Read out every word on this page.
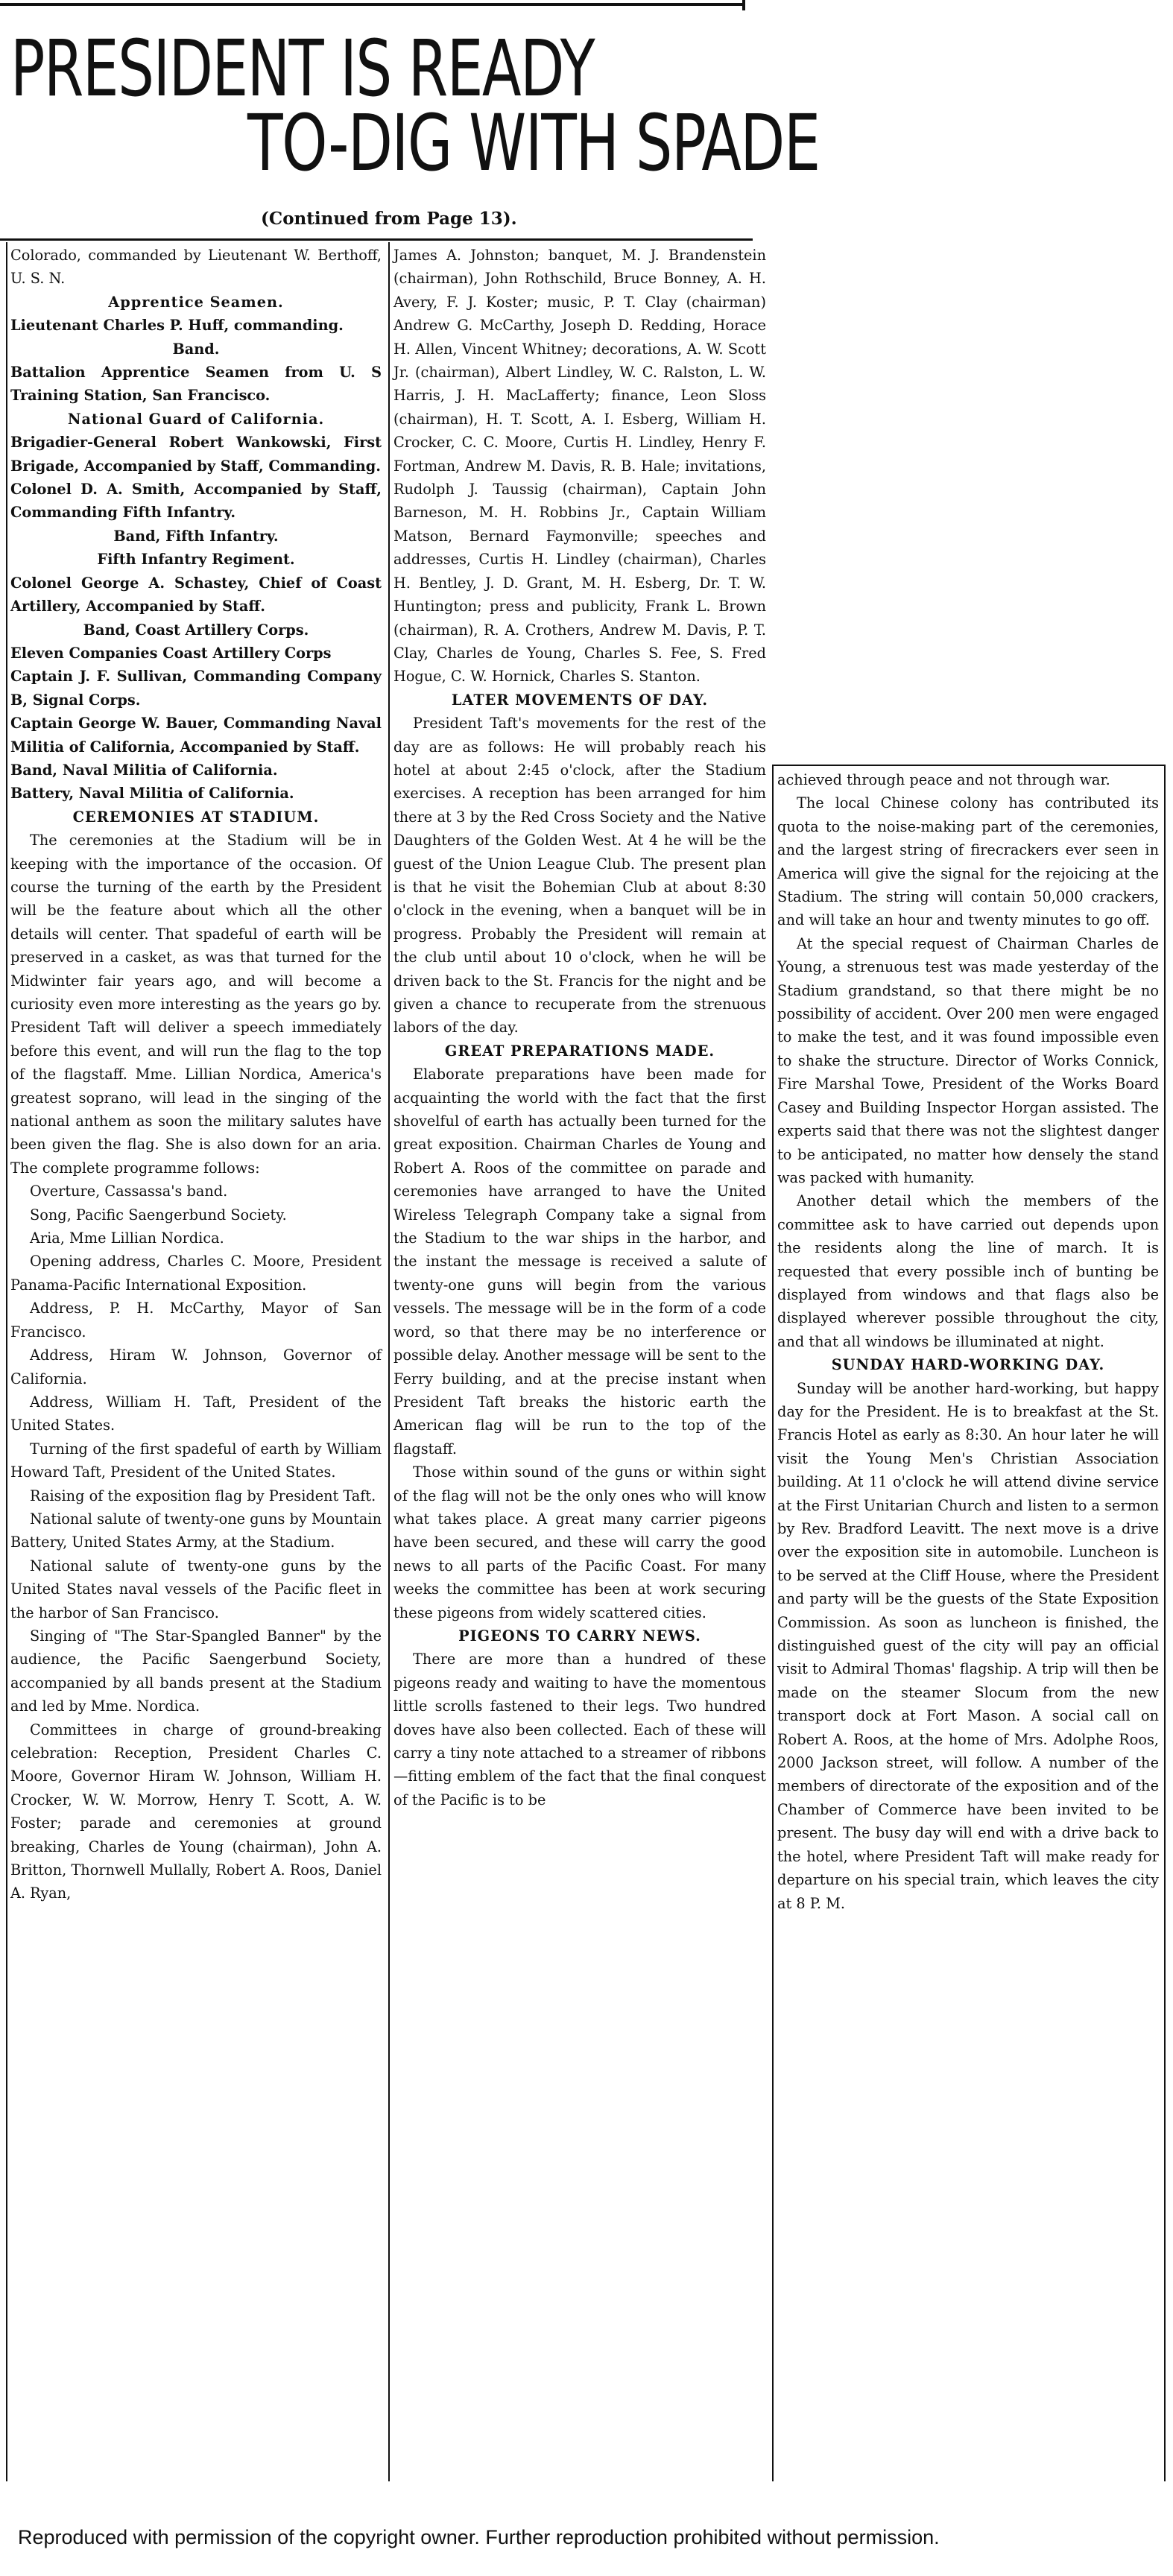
PRESIDENT IS READY
TO-DIG WITH SPADE
(Continued from Page 13).

Colorado, commanded by Lieutenant W. Berthoff, U. S. N.

Apprentice Seamen.

Lieutenant Charles P. Huff, commanding.

Band.

Battalion Apprentice Seamen from U. S Training Station, San Francisco.

National Guard of California.

Brigadier-General Robert Wankowski, First Brigade, Accompanied by Staff, Commanding.

Colonel D. A. Smith, Accompanied by Staff, Commanding Fifth Infantry.

Band, Fifth Infantry.

Fifth Infantry Regiment.

Colonel George A. Schastey, Chief of Coast Artillery, Accompanied by Staff.

Band, Coast Artillery Corps.

Eleven Companies Coast Artillery Corps

Captain J. F. Sullivan, Commanding Company B, Signal Corps.

Captain George W. Bauer, Commanding Naval Militia of California, Accompanied by Staff.

Band, Naval Militia of California.

Battery, Naval Militia of California.

CEREMONIES AT STADIUM.

The ceremonies at the Stadium will be in keeping with the importance of the occasion. Of course the turning of the earth by the President will be the feature about which all the other details will center. That spadeful of earth will be preserved in a casket, as was that turned for the Midwinter fair years ago, and will become a curiosity even more interesting as the years go by. President Taft will deliver a speech immediately before this event, and will run the flag to the top of the flagstaff. Mme. Lillian Nordica, America's greatest soprano, will lead in the singing of the national anthem as soon the military salutes have been given the flag. She is also down for an aria. The complete programme follows:

Overture, Cassassa's band.

Song, Pacific Saengerbund Society.

Aria, Mme Lillian Nordica.

Opening address, Charles C. Moore, President Panama-Pacific International Exposition.

Address, P. H. McCarthy, Mayor of San Francisco.

Address, Hiram W. Johnson, Governor of California.

Address, William H. Taft, President of the United States.

Turning of the first spadeful of earth by William Howard Taft, President of the United States.

Raising of the exposition flag by President Taft.

National salute of twenty-one guns by Mountain Battery, United States Army, at the Stadium.

National salute of twenty-one guns by the United States naval vessels of the Pacific fleet in the harbor of San Francisco.

Singing of "The Star-Spangled Banner" by the audience, the Pacific Saengerbund Society, accompanied by all bands present at the Stadium and led by Mme. Nordica.

Committees in charge of ground-breaking celebration: Reception, President Charles C. Moore, Governor Hiram W. Johnson, William H. Crocker, W. W. Morrow, Henry T. Scott, A. W. Foster; parade and ceremonies at ground breaking, Charles de Young (chairman), John A. Britton, Thornwell Mullally, Robert A. Roos, Daniel A. Ryan,

James A. Johnston; banquet, M. J. Brandenstein (chairman), John Rothschild, Bruce Bonney, A. H. Avery, F. J. Koster; music, P. T. Clay (chairman) Andrew G. McCarthy, Joseph D. Redding, Horace H. Allen, Vincent Whitney; decorations, A. W. Scott Jr. (chairman), Albert Lindley, W. C. Ralston, L. W. Harris, J. H. MacLafferty; finance, Leon Sloss (chairman), H. T. Scott, A. I. Esberg, William H. Crocker, C. C. Moore, Curtis H. Lindley, Henry F. Fortman, Andrew M. Davis, R. B. Hale; invitations, Rudolph J. Taussig (chairman), Captain John Barneson, M. H. Robbins Jr., Captain William Matson, Bernard Faymonville; speeches and addresses, Curtis H. Lindley (chairman), Charles H. Bentley, J. D. Grant, M. H. Esberg, Dr. T. W. Huntington; press and publicity, Frank L. Brown (chairman), R. A. Crothers, Andrew M. Davis, P. T. Clay, Charles de Young, Charles S. Fee, S. Fred Hogue, C. W. Hornick, Charles S. Stanton.

LATER MOVEMENTS OF DAY.

President Taft's movements for the rest of the day are as follows: He will probably reach his hotel at about 2:45 o'clock, after the Stadium exercises. A reception has been arranged for him there at 3 by the Red Cross Society and the Native Daughters of the Golden West. At 4 he will be the guest of the Union League Club. The present plan is that he visit the Bohemian Club at about 8:30 o'clock in the evening, when a banquet will be in progress. Probably the President will remain at the club until about 10 o'clock, when he will be driven back to the St. Francis for the night and be given a chance to recuperate from the strenuous labors of the day.

GREAT PREPARATIONS MADE.

Elaborate preparations have been made for acquainting the world with the fact that the first shovelful of earth has actually been turned for the great exposition. Chairman Charles de Young and Robert A. Roos of the committee on parade and ceremonies have arranged to have the United Wireless Telegraph Company take a signal from the Stadium to the war ships in the harbor, and the instant the message is received a salute of twenty-one guns will begin from the various vessels. The message will be in the form of a code word, so that there may be no interference or possible delay. Another message will be sent to the Ferry building, and at the precise instant when President Taft breaks the historic earth the American flag will be run to the top of the flagstaff.

Those within sound of the guns or within sight of the flag will not be the only ones who will know what takes place. A great many carrier pigeons have been secured, and these will carry the good news to all parts of the Pacific Coast. For many weeks the committee has been at work securing these pigeons from widely scattered cities.

PIGEONS TO CARRY NEWS.

There are more than a hundred of these pigeons ready and waiting to have the momentous little scrolls fastened to their legs. Two hundred doves have also been collected. Each of these will carry a tiny note attached to a streamer of ribbons—fitting emblem of the fact that the final conquest of the Pacific is to be

achieved through peace and not through war.

The local Chinese colony has contributed its quota to the noise-making part of the ceremonies, and the largest string of firecrackers ever seen in America will give the signal for the rejoicing at the Stadium. The string will contain 50,000 crackers, and will take an hour and twenty minutes to go off.

At the special request of Chairman Charles de Young, a strenuous test was made yesterday of the Stadium grandstand, so that there might be no possibility of accident. Over 200 men were engaged to make the test, and it was found impossible even to shake the structure. Director of Works Connick, Fire Marshal Towe, President of the Works Board Casey and Building Inspector Horgan assisted. The experts said that there was not the slightest danger to be anticipated, no matter how densely the stand was packed with humanity.

Another detail which the members of the committee ask to have carried out depends upon the residents along the line of march. It is requested that every possible inch of bunting be displayed from windows and that flags also be displayed wherever possible throughout the city, and that all windows be illuminated at night.

SUNDAY HARD-WORKING DAY.

Sunday will be another hard-working, but happy day for the President. He is to breakfast at the St. Francis Hotel as early as 8:30. An hour later he will visit the Young Men's Christian Association building. At 11 o'clock he will attend divine service at the First Unitarian Church and listen to a sermon by Rev. Bradford Leavitt. The next move is a drive over the exposition site in automobile. Luncheon is to be served at the Cliff House, where the President and party will be the guests of the State Exposition Commission. As soon as luncheon is finished, the distinguished guest of the city will pay an official visit to Admiral Thomas' flagship. A trip will then be made on the steamer Slocum from the new transport dock at Fort Mason. A social call on Robert A. Roos, at the home of Mrs. Adolphe Roos, 2000 Jackson street, will follow. A number of the members of directorate of the exposition and of the Chamber of Commerce have been invited to be present. The busy day will end with a drive back to the hotel, where President Taft will make ready for departure on his special train, which leaves the city at 8 P. M.

Reproduced with permission of the copyright owner. Further reproduction prohibited without permission.
